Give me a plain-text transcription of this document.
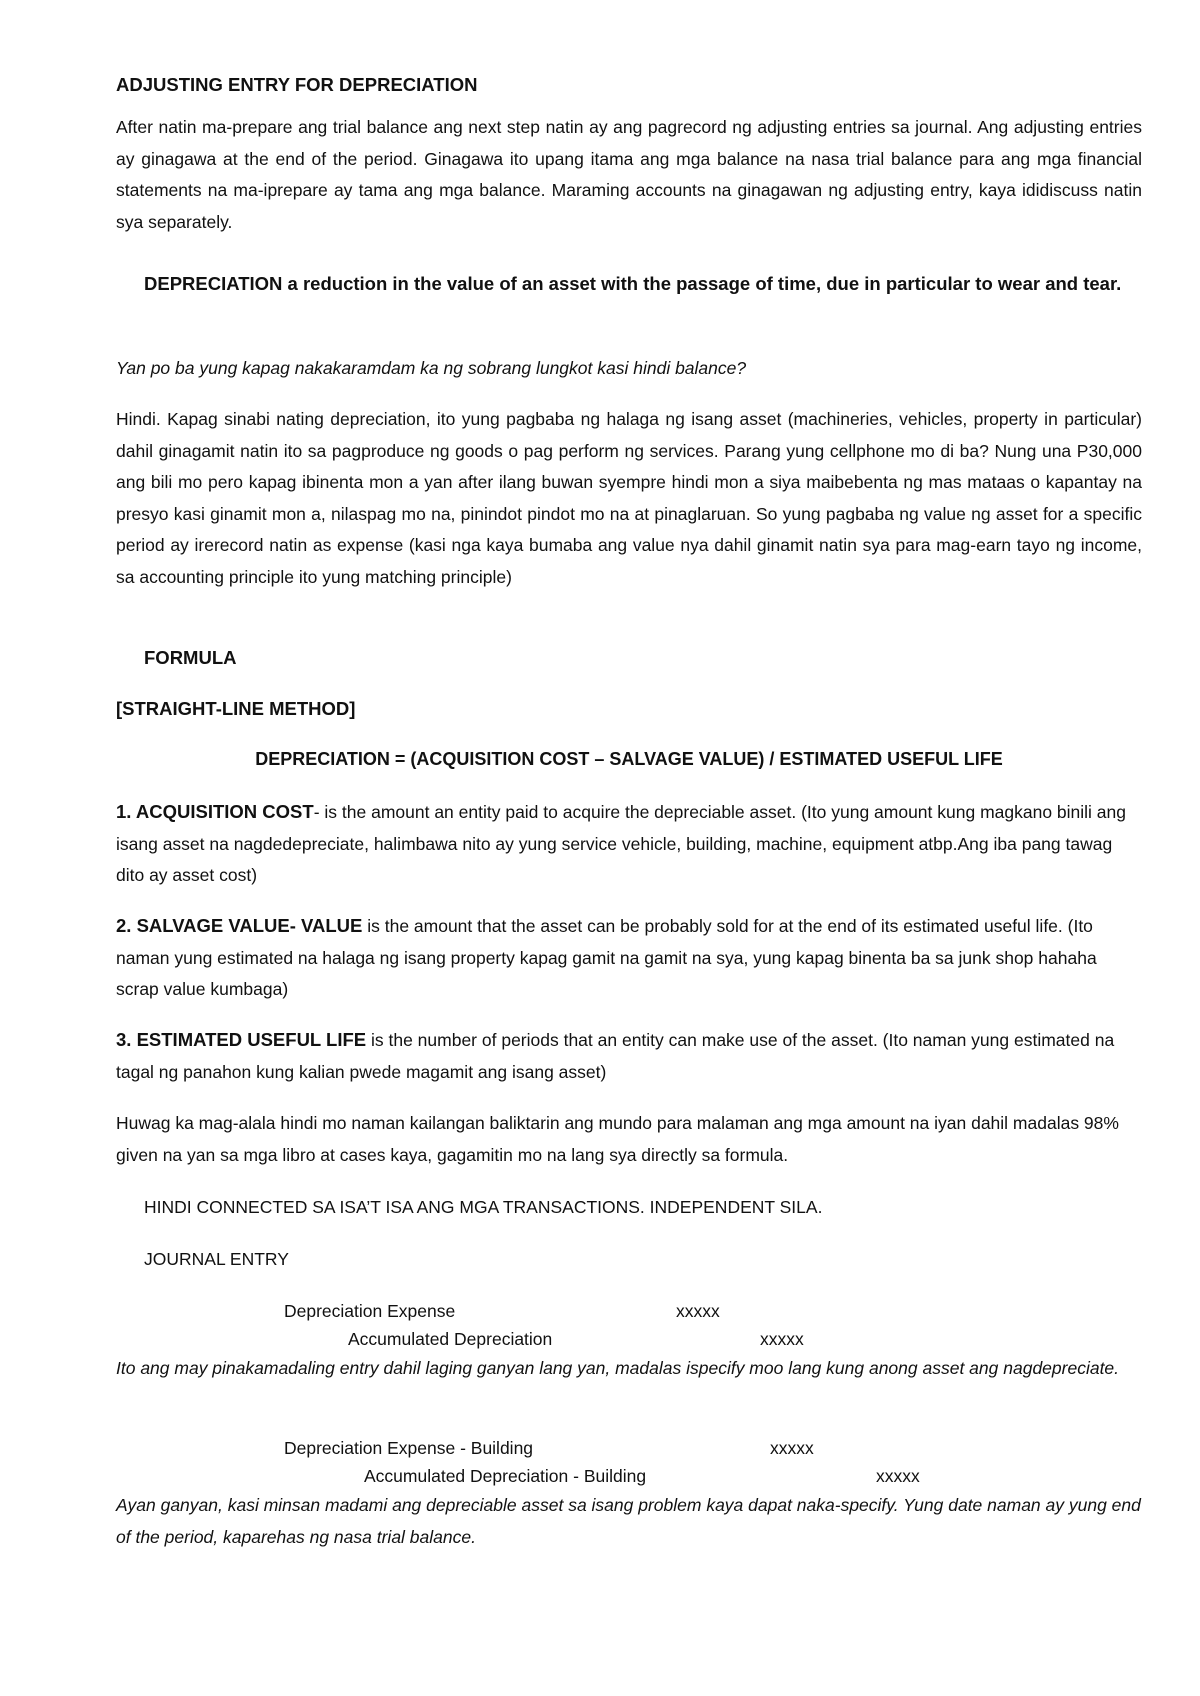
ADJUSTING ENTRY FOR DEPRECIATION

After natin ma-prepare ang trial balance ang next step natin ay ang pagrecord ng adjusting entries sa journal. Ang adjusting entries ay ginagawa at the end of the period. Ginagawa ito upang itama ang mga balance na nasa trial balance para ang mga financial statements na ma-iprepare ay tama ang mga balance. Maraming accounts na ginagawan ng adjusting entry, kaya ididiscuss natin sya separately.

DEPRECIATION a reduction in the value of an asset with the passage of time, due in particular to wear and tear.

Yan po ba yung kapag nakakaramdam ka ng sobrang lungkot kasi hindi balance?

Hindi. Kapag sinabi nating depreciation, ito yung pagbaba ng halaga ng isang asset (machineries, vehicles, property in particular) dahil ginagamit natin ito sa pagproduce ng goods o pag perform ng services. Parang yung cellphone mo di ba? Nung una P30,000 ang bili mo pero kapag ibinenta mon a yan after ilang buwan syempre hindi mon a siya maibebenta ng mas mataas o kapantay na presyo kasi ginamit mon a, nilaspag mo na, pinindot pindot mo na at pinaglaruan. So yung pagbaba ng value ng asset for a specific period ay irerecord natin as expense (kasi nga kaya bumaba ang value nya dahil ginamit natin sya para mag-earn tayo ng income, sa accounting principle ito yung matching principle)

FORMULA

[STRAIGHT-LINE METHOD]

DEPRECIATION = (ACQUISITION COST – SALVAGE VALUE) / ESTIMATED USEFUL LIFE

1. ACQUISITION COST- is the amount an entity paid to acquire the depreciable asset. (Ito yung amount kung magkano binili ang isang asset na nagdedepreciate, halimbawa nito ay yung service vehicle, building, machine, equipment atbp.Ang iba pang tawag dito ay asset cost)

2. SALVAGE VALUE- VALUE is the amount that the asset can be probably sold for at the end of its estimated useful life. (Ito naman yung estimated na halaga ng isang property kapag gamit na gamit na sya, yung kapag binenta ba sa junk shop hahaha scrap value kumbaga)

3. ESTIMATED USEFUL LIFE is the number of periods that an entity can make use of the asset. (Ito naman yung estimated na tagal ng panahon kung kalian pwede magamit ang isang asset)

Huwag ka mag-alala hindi mo naman kailangan baliktarin ang mundo para malaman ang mga amount na iyan dahil madalas 98% given na yan sa mga libro at cases kaya, gagamitin mo na lang sya directly sa formula.

HINDI CONNECTED SA ISA’T ISA ANG MGA TRANSACTIONS. INDEPENDENT SILA.

JOURNAL ENTRY

Depreciation Expense	xxxxx

Accumulated Depreciation	xxxxx

Ito ang may pinakamadaling entry dahil laging ganyan lang yan, madalas ispecify moo lang kung anong asset ang nagdepreciate.

Depreciation Expense - Building	xxxxx

Accumulated Depreciation - Building	xxxxx

Ayan ganyan, kasi minsan madami ang depreciable asset sa isang problem kaya dapat naka-specify. Yung date naman ay yung end of the period, kaparehas ng nasa trial balance.
